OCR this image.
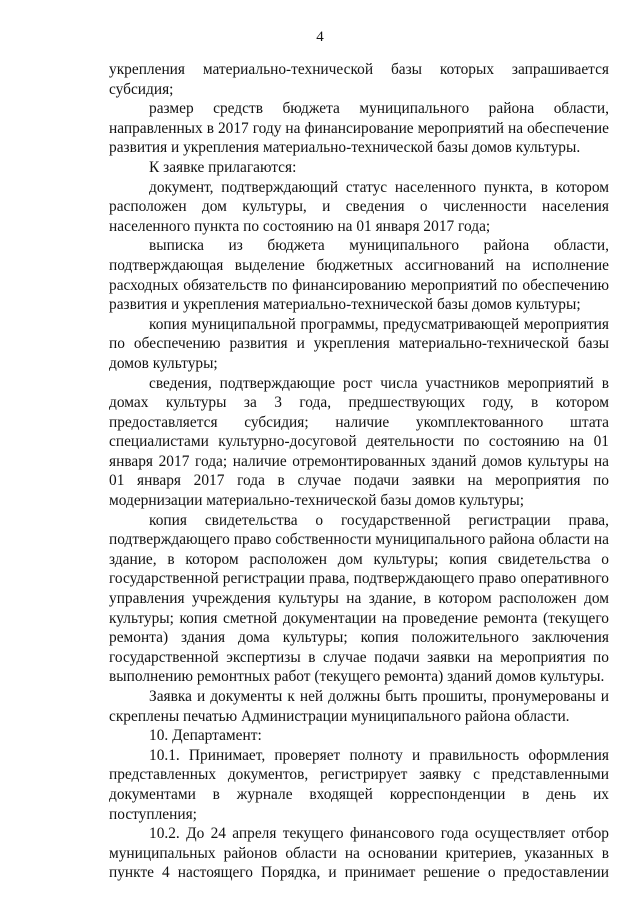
4

укрепления материально-технической базы которых запрашивается субсидия;

размер средств бюджета муниципального района области, направленных в 2017 году на финансирование мероприятий на обеспечение развития и укрепления материально-технической базы домов культуры.

К заявке прилагаются:

документ, подтверждающий статус населенного пункта, в котором расположен дом культуры, и сведения о численности населения населенного пункта по состоянию на 01 января 2017 года;

выписка из бюджета муниципального района области, подтверждающая выделение бюджетных ассигнований на исполнение расходных обязательств по финансированию мероприятий по обеспечению развития и укрепления материально-технической базы домов культуры;

копия муниципальной программы, предусматривающей мероприятия по обеспечению развития и укрепления материально-технической базы домов культуры;

сведения, подтверждающие рост числа участников мероприятий в домах культуры за 3 года, предшествующих году, в котором предоставляется субсидия; наличие укомплектованного штата специалистами культурно-досуговой деятельности по состоянию на 01 января 2017 года; наличие отремонтированных зданий домов культуры на 01 января 2017 года в случае подачи заявки на мероприятия по модернизации материально-технической базы домов культуры;

копия свидетельства о государственной регистрации права, подтверждающего право собственности муниципального района области на здание, в котором расположен дом культуры; копия свидетельства о государственной регистрации права, подтверждающего право оперативного управления учреждения культуры на здание, в котором расположен дом культуры; копия сметной документации на проведение ремонта (текущего ремонта) здания дома культуры; копия положительного заключения государственной экспертизы в случае подачи заявки на мероприятия по выполнению ремонтных работ (текущего ремонта) зданий домов культуры.

Заявка и документы к ней должны быть прошиты, пронумерованы и скреплены печатью Администрации муниципального района области.

10. Департамент:

10.1. Принимает, проверяет полноту и правильность оформления представленных документов, регистрирует заявку с представленными документами в журнале входящей корреспонденции в день их поступления;

10.2. До 24 апреля текущего финансового года осуществляет отбор муниципальных районов области на основании критериев, указанных в пункте 4 настоящего Порядка, и принимает решение о предоставлении
